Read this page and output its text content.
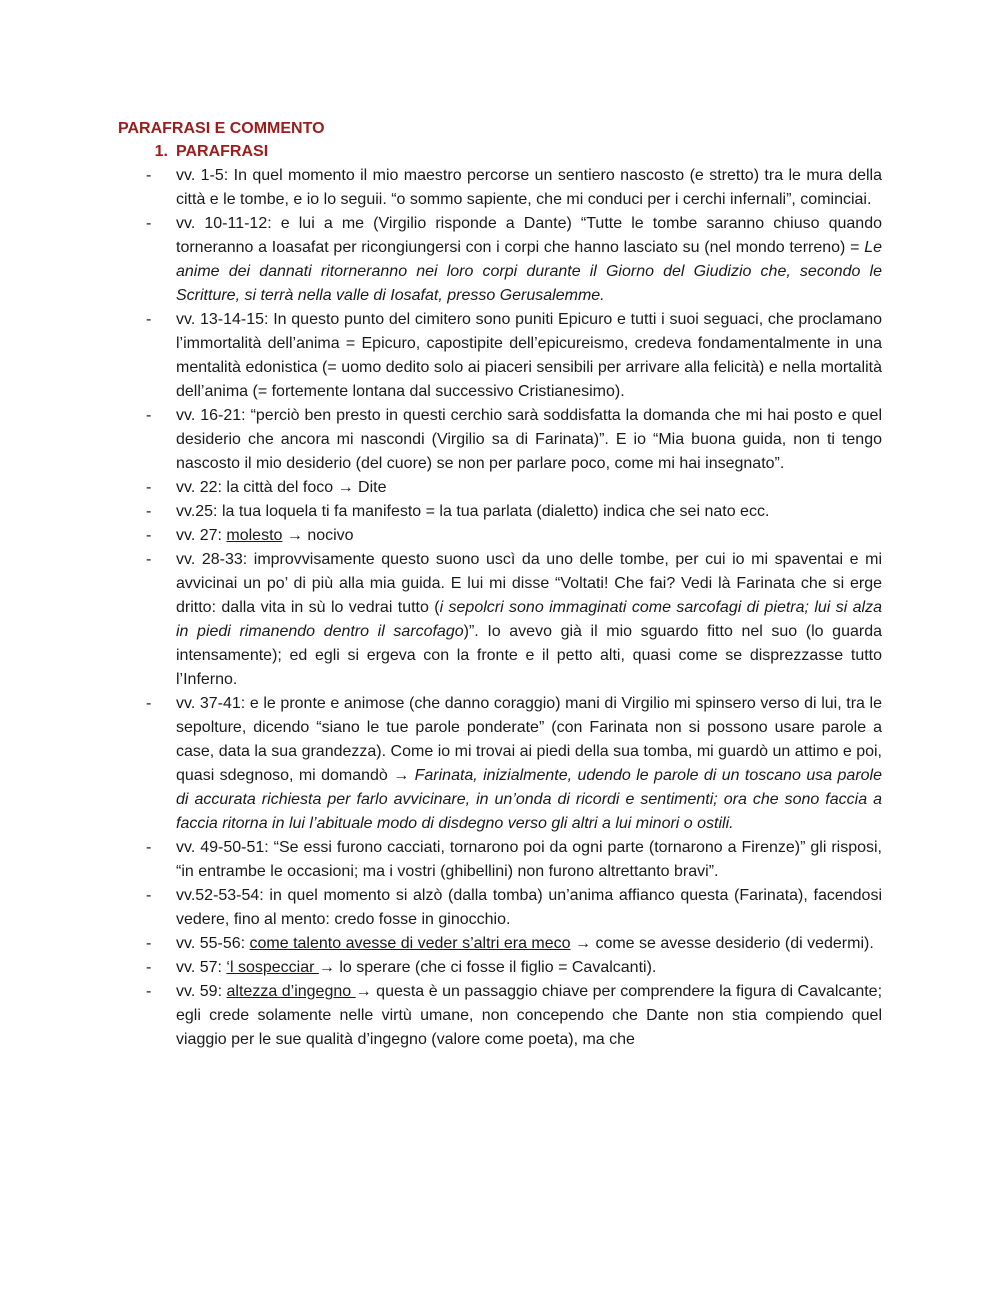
PARAFRASI E COMMENTO
1. PARAFRASI
-	vv. 1-5: In quel momento il mio maestro percorse un sentiero nascosto (e stretto) tra le mura della città e le tombe, e io lo seguii. “o sommo sapiente, che mi conduci per i cerchi infernali”, cominciai.
-	vv. 10-11-12: e lui a me (Virgilio risponde a Dante) “Tutte le tombe saranno chiuso quando torneranno a Ioasafat per ricongiungersi con i corpi che hanno lasciato su (nel mondo terreno) = Le anime dei dannati ritorneranno nei loro corpi durante il Giorno del Giudizio che, secondo le Scritture, si terrà nella valle di Iosafat, presso Gerusalemme.
-	vv. 13-14-15: In questo punto del cimitero sono puniti Epicuro e tutti i suoi seguaci, che proclamano l’immortalità dell’anima = Epicuro, capostipite dell’epicureismo, credeva fondamentalmente in una mentalità edonistica (= uomo dedito solo ai piaceri sensibili per arrivare alla felicità) e nella mortalità dell’anima (= fortemente lontana dal successivo Cristianesimo).
-	vv. 16-21: “perciò ben presto in questi cerchio sarà soddisfatta la domanda che mi hai posto e quel desiderio che ancora mi nascondi (Virgilio sa di Farinata)”. E io “Mia buona guida, non ti tengo nascosto il mio desiderio (del cuore) se non per parlare poco, come mi hai insegnato”.
-	vv. 22: la città del foco → Dite
-	vv.25: la tua loquela ti fa manifesto = la tua parlata (dialetto) indica che sei nato ecc.
-	vv. 27: molesto → nocivo
-	vv. 28-33: improvvisamente questo suono uscì da uno delle tombe, per cui io mi spaventai e mi avvicinai un po’ di più alla mia guida. E lui mi disse “Voltati! Che fai? Vedi là Farinata che si erge dritto: dalla vita in sù lo vedrai tutto (i sepolcri sono immaginati come sarcofagi di pietra; lui si alza in piedi rimanendo dentro il sarcofago)”. Io avevo già il mio sguardo fitto nel suo (lo guarda intensamente); ed egli si ergeva con la fronte e il petto alti, quasi come se disprezzasse tutto l’Inferno.
-	vv. 37-41: e le pronte e animose (che danno coraggio) mani di Virgilio mi spinsero verso di lui, tra le sepolture, dicendo “siano le tue parole ponderate” (con Farinata non si possono usare parole a case, data la sua grandezza). Come io mi trovai ai piedi della sua tomba, mi guardò un attimo e poi, quasi sdegnoso, mi domandò → Farinata, inizialmente, udendo le parole di un toscano usa parole di accurata richiesta per farlo avvicinare, in un’onda di ricordi e sentimenti; ora che sono faccia a faccia ritorna in lui l’abituale modo di disdegno verso gli altri a lui minori o ostili.
-	vv. 49-50-51: “Se essi furono cacciati, tornarono poi da ogni parte (tornarono a Firenze)” gli risposi, “in entrambe le occasioni; ma i vostri (ghibellini) non furono altrettanto bravi”.
-	vv.52-53-54: in quel momento si alzò (dalla tomba) un’anima affianco questa (Farinata), facendosi vedere, fino al mento: credo fosse in ginocchio.
-	vv. 55-56: come talento avesse di veder s’altri era meco → come se avesse desiderio (di vedermi).
-	vv. 57: ‘l sospecciar → lo sperare (che ci fosse il figlio = Cavalcanti).
-	vv. 59: altezza d’ingegno → questa è un passaggio chiave per comprendere la figura di Cavalcante; egli crede solamente nelle virtù umane, non concependo che Dante non stia compiendo quel viaggio per le sue qualità d’ingegno (valore come poeta), ma che
